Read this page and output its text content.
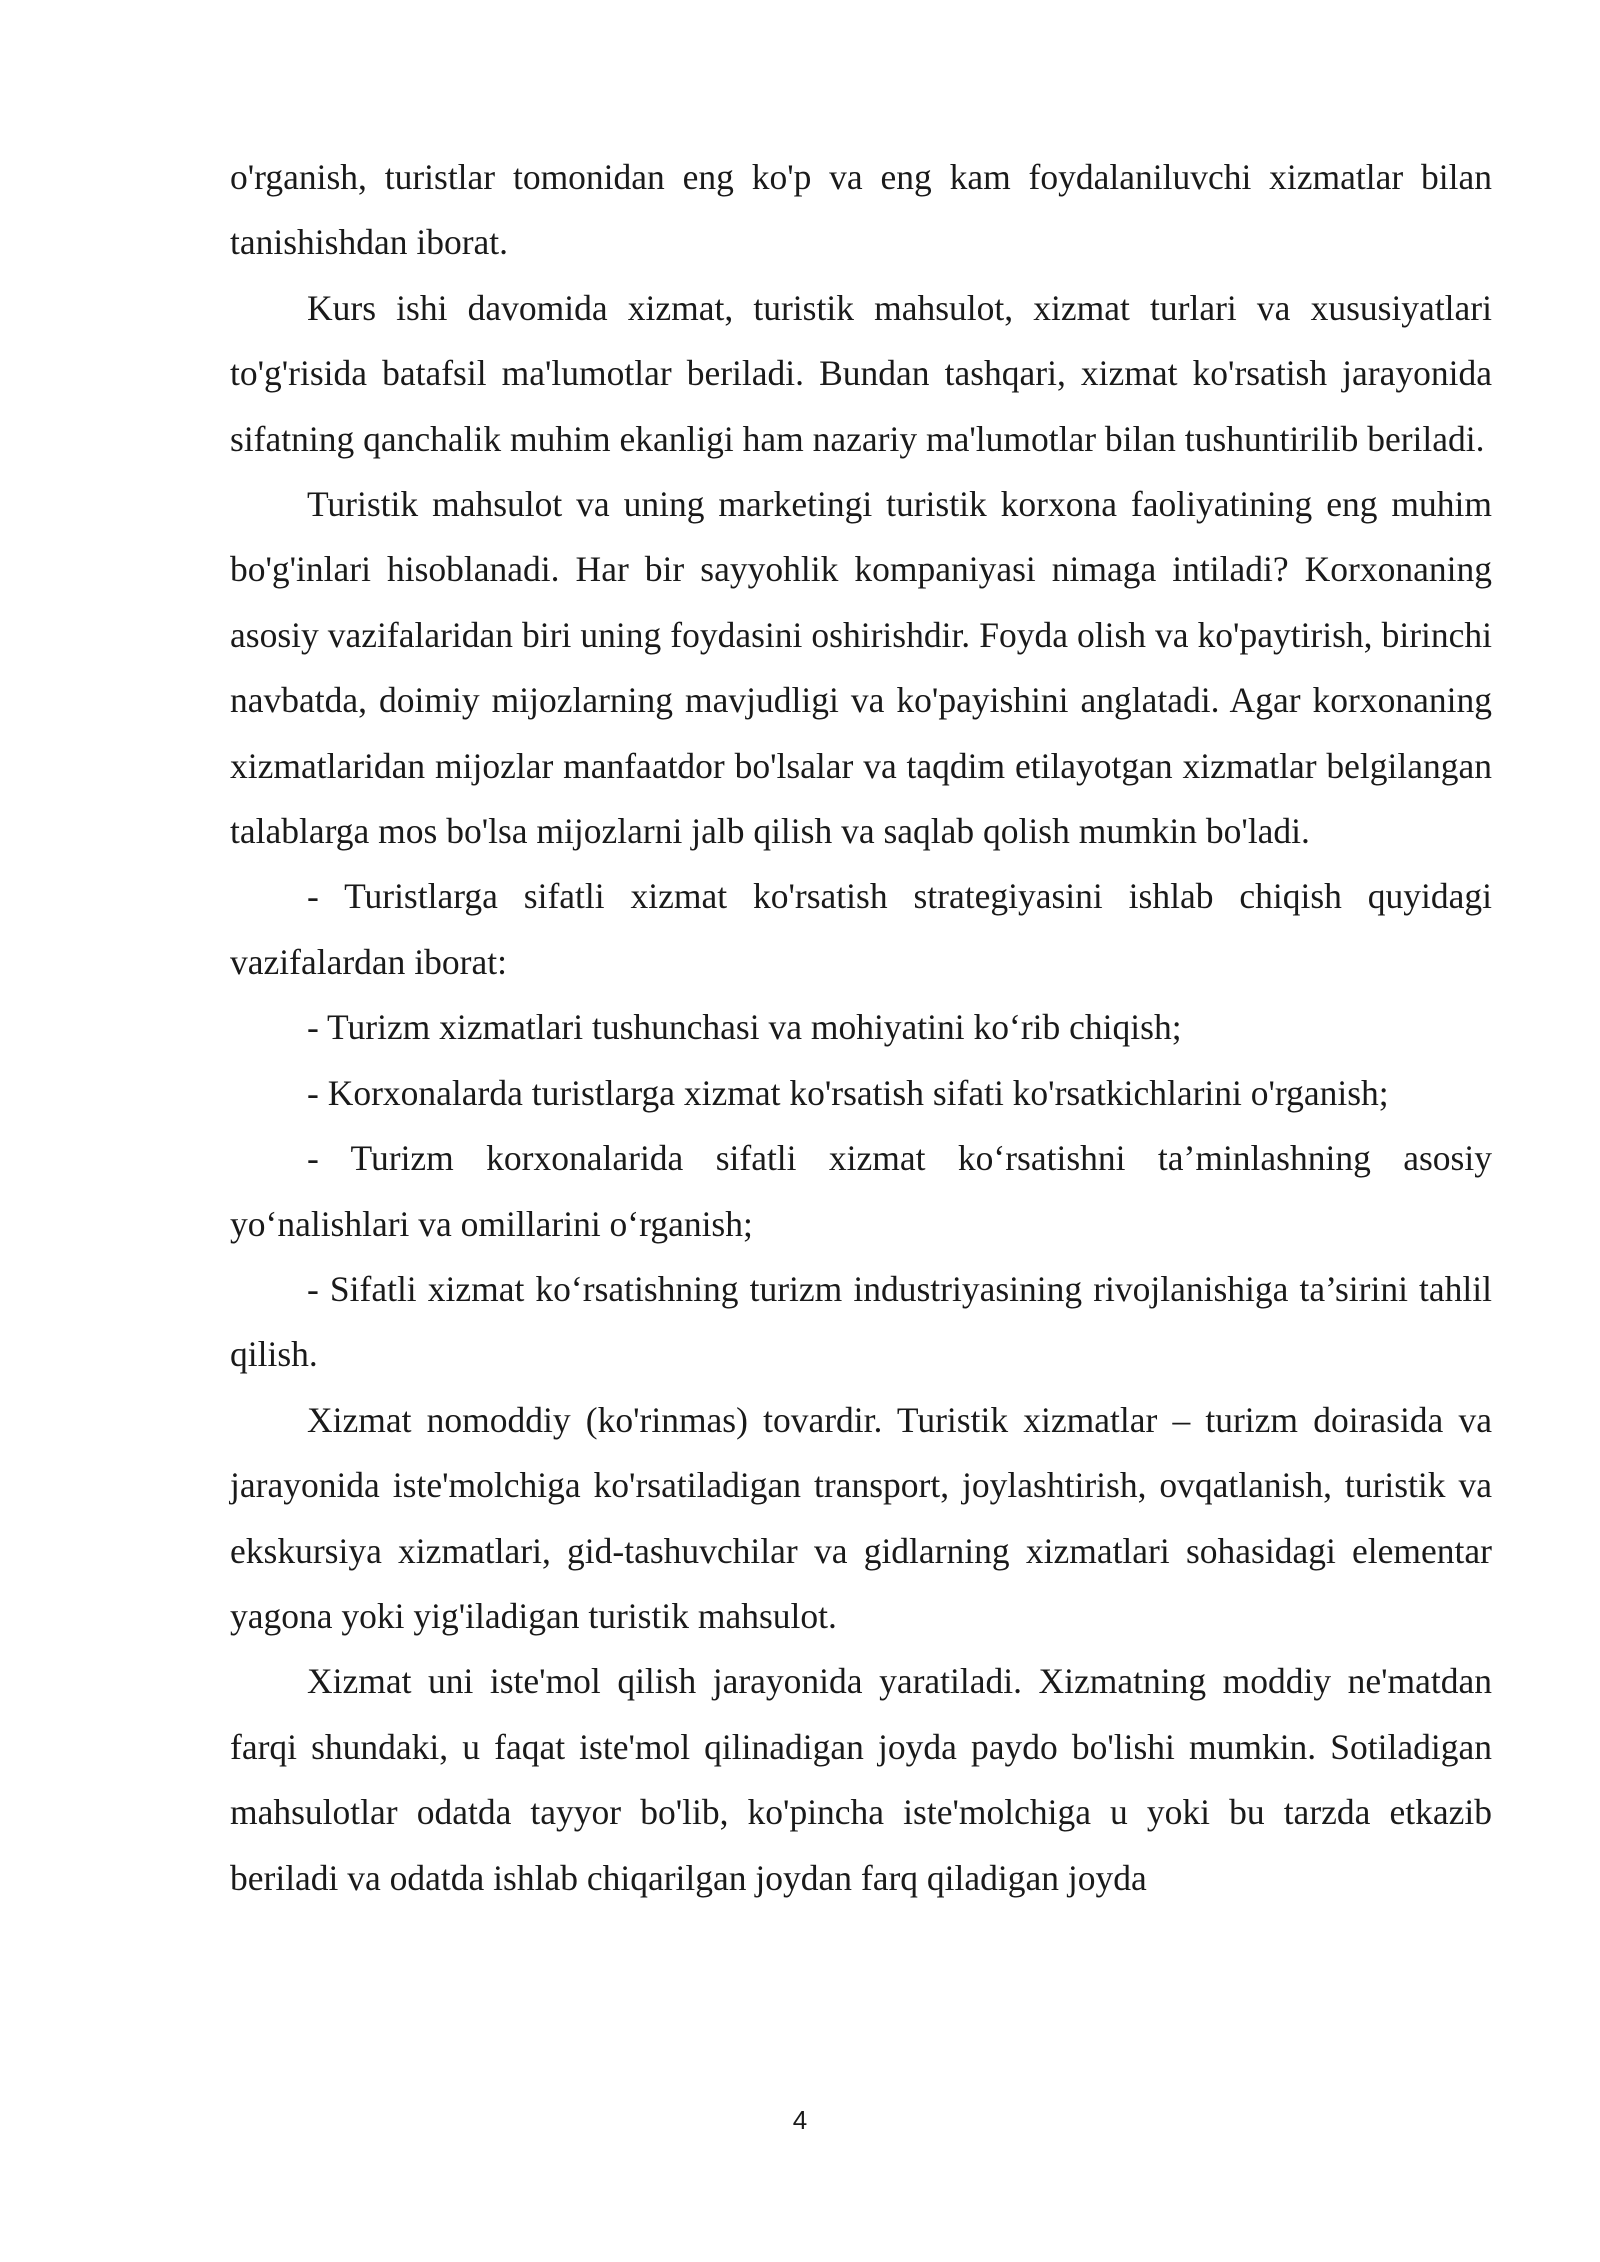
o'rganish, turistlar tomonidan eng ko'p va eng kam foydalaniluvchi xizmatlar bilan tanishishdan iborat.

Kurs ishi davomida xizmat, turistik mahsulot, xizmat turlari va xususiyatlari to'g'risida batafsil ma'lumotlar beriladi. Bundan tashqari, xizmat ko'rsatish jarayonida sifatning qanchalik muhim ekanligi ham nazariy ma'lumotlar bilan tushuntirilib beriladi.

Turistik mahsulot va uning marketingi turistik korxona faoliyatining eng muhim bo'g'inlari hisoblanadi. Har bir sayyohlik kompaniyasi nimaga intiladi? Korxonaning asosiy vazifalaridan biri uning foydasini oshirishdir. Foyda olish va ko'paytirish, birinchi navbatda, doimiy mijozlarning mavjudligi va ko'payishini anglatadi. Agar korxonaning xizmatlaridan mijozlar manfaatdor bo'lsalar va taqdim etilayotgan xizmatlar belgilangan talablarga mos bo'lsa mijozlarni jalb qilish va saqlab qolish mumkin bo'ladi.

- Turistlarga sifatli xizmat ko'rsatish strategiyasini ishlab chiqish quyidagi vazifalardan iborat:

- Turizm xizmatlari tushunchasi va mohiyatini ko‘rib chiqish;

- Korxonalarda turistlarga xizmat ko'rsatish sifati ko'rsatkichlarini o'rganish;

- Turizm korxonalarida sifatli xizmat ko‘rsatishni ta’minlashning asosiy yo‘nalishlari va omillarini o‘rganish;

- Sifatli xizmat ko‘rsatishning turizm industriyasining rivojlanishiga ta’sirini tahlil qilish.

Xizmat nomoddiy (ko'rinmas) tovardir. Turistik xizmatlar – turizm doirasida va jarayonida iste'molchiga ko'rsatiladigan transport, joylashtirish, ovqatlanish, turistik va ekskursiya xizmatlari, gid-tashuvchilar va gidlarning xizmatlari sohasidagi elementar yagona yoki yig'iladigan turistik mahsulot.

Xizmat uni iste'mol qilish jarayonida yaratiladi. Xizmatning moddiy ne'matdan farqi shundaki, u faqat iste'mol qilinadigan joyda paydo bo'lishi mumkin. Sotiladigan mahsulotlar odatda tayyor bo'lib, ko'pincha iste'molchiga u yoki bu tarzda etkazib beriladi va odatda ishlab chiqarilgan joydan farq qiladigan joyda

4
